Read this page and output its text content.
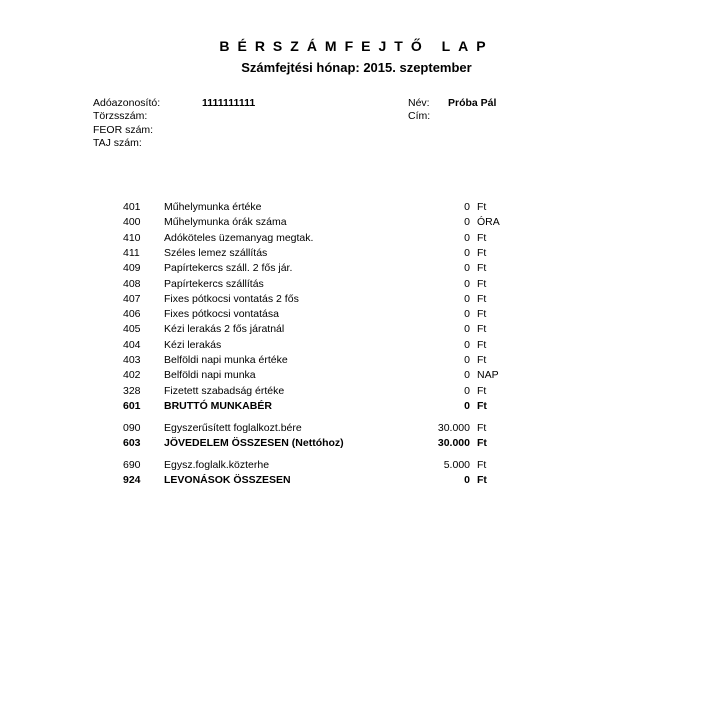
BÉRSZÁMFEJTŐ LAP
Számfejtési hónap: 2015. szeptember
Adóazonosító:	1111111111
Törzsszám:
FEOR szám:
TAJ szám:
Név: Próba Pál
Cím:
401	Műhelymunka értéke	0 Ft
400	Műhelymunka órák száma	0 ÓRA
410	Adóköteles üzemanyag megtak.	0 Ft
411	Széles lemez szállítás	0 Ft
409	Papírtekercs száll. 2 fős jár.	0 Ft
408	Papírtekercs szállítás	0 Ft
407	Fixes pótkocsi vontatás 2 fős	0 Ft
406	Fixes pótkocsi vontatása	0 Ft
405	Kézi lerakás 2 fős járatnál	0 Ft
404	Kézi lerakás	0 Ft
403	Belföldi napi munka értéke	0 Ft
402	Belföldi napi munka	0 NAP
328	Fizetett szabadság értéke	0 Ft
601	BRUTTÓ MUNKABÉR	0 Ft
090	Egyszerűsített foglalkozt.bére	30.000 Ft
603	JÖVEDELEM ÖSSZESEN (Nettóhoz)	30.000 Ft
690	Egysz.foglalk.közterhe	5.000 Ft
924	LEVONÁSOK ÖSSZESEN	0 Ft
